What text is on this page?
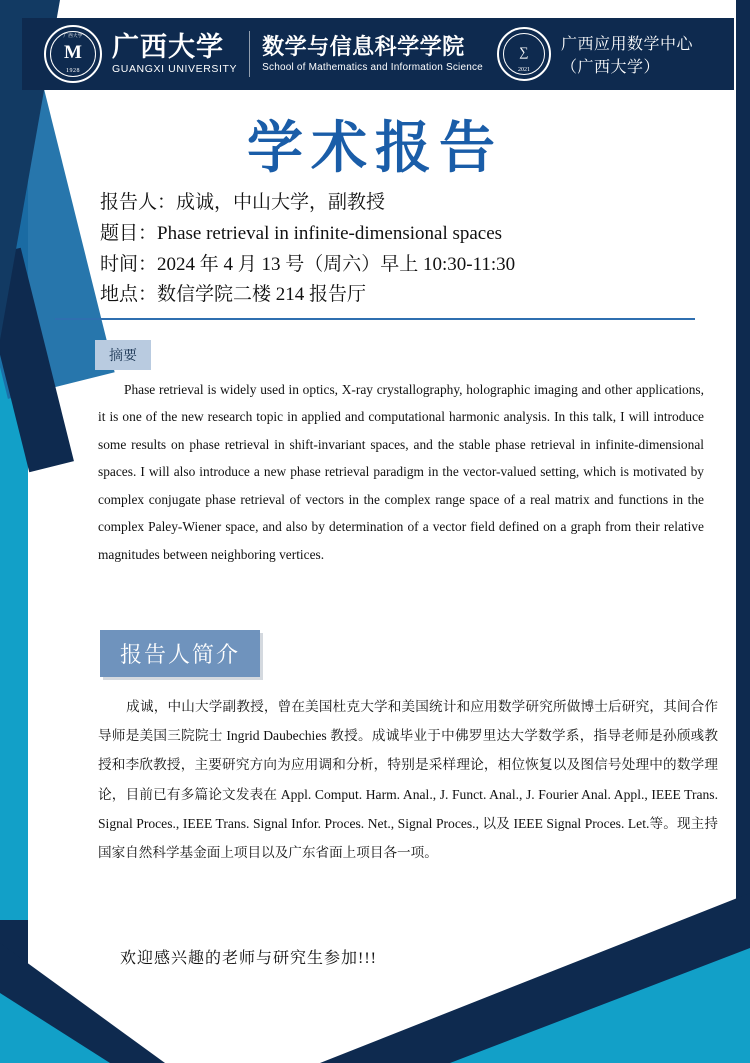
广西大学
M
1928
广西大学
GUANGXI UNIVERSITY
数学与信息科学学院
School of Mathematics and Information Science
∑
2021
广西应用数学中心（广西大学）
学术报告
报告人：成诚，中山大学，副教授
题目：Phase retrieval in infinite-dimensional spaces
时间：2024 年 4 月 13 号（周六）早上 10:30-11:30
地点：数信学院二楼 214 报告厅
摘要
Phase retrieval is widely used in optics, X-ray crystallography, holographic imaging and other applications, it is one of the new research topic in applied and computational harmonic analysis. In this talk, I will introduce some results on phase retrieval in shift-invariant spaces, and the stable phase retrieval in infinite-dimensional spaces. I will also introduce a new phase retrieval paradigm in the vector-valued setting, which is motivated by complex conjugate phase retrieval of vectors in the complex range space of a real matrix and functions in the complex Paley-Wiener space, and also by determination of a vector field defined on a graph from their relative magnitudes between neighboring vertices.
报告人简介
成诚，中山大学副教授，曾在美国杜克大学和美国统计和应用数学研究所做博士后研究，其间合作导师是美国三院院士 Ingrid Daubechies 教授。成诚毕业于中佛罗里达大学数学系，指导老师是孙颀彧教授和李欣教授，主要研究方向为应用调和分析，特别是采样理论，相位恢复以及图信号处理中的数学理论，目前已有多篇论文发表在 Appl. Comput. Harm. Anal., J. Funct. Anal., J. Fourier Anal. Appl., IEEE Trans. Signal Proces., IEEE Trans. Signal Infor. Proces. Net., Signal Proces., 以及 IEEE Signal Proces. Let.等。现主持国家自然科学基金面上项目以及广东省面上项目各一项。
欢迎感兴趣的老师与研究生参加!!!
